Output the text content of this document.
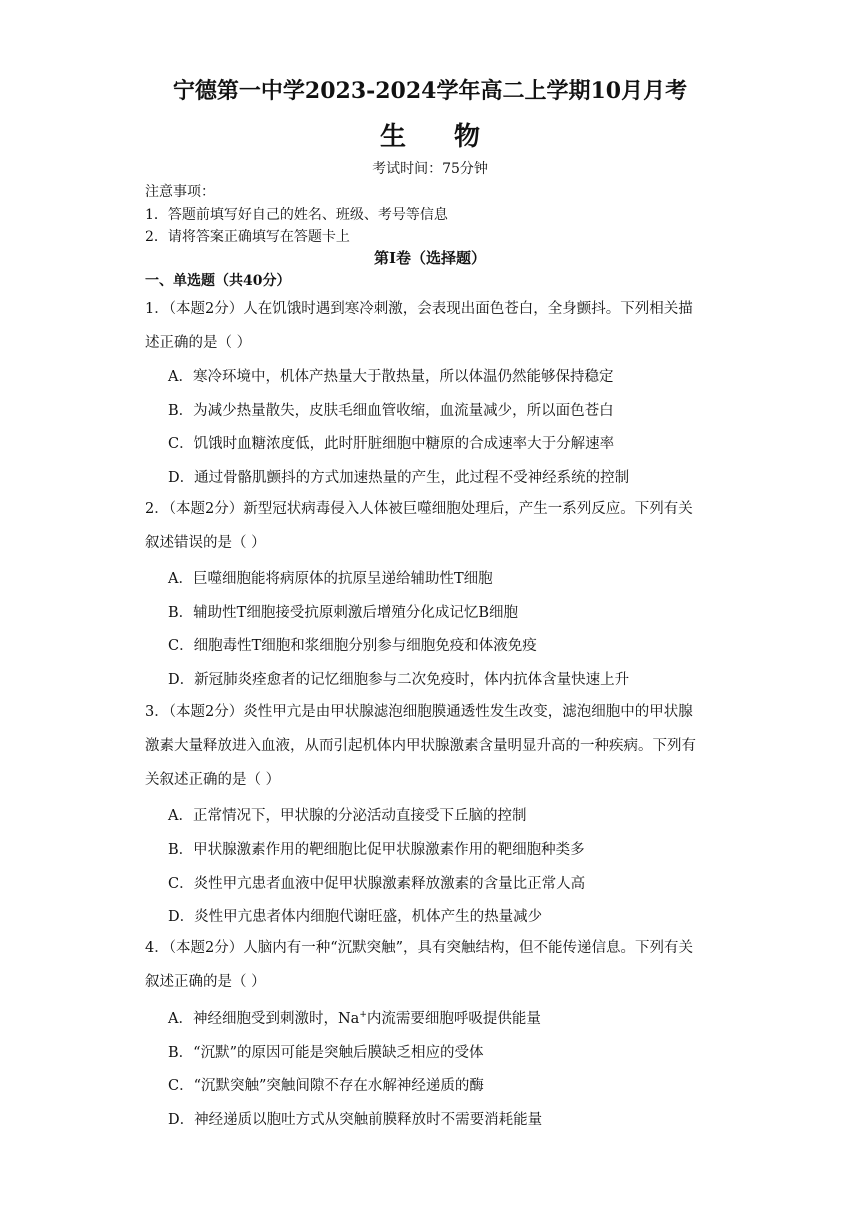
宁德第一中学2023-2024学年高二上学期10月月考
生物
考试时间：75分钟
注意事项：
1．答题前填写好自己的姓名、班级、考号等信息
2．请将答案正确填写在答题卡上
第I卷（选择题）
一、单选题（共40分）
1．（本题2分）人在饥饿时遇到寒冷刺激，会表现出面色苍白，全身颤抖。下列相关描
述正确的是（ ）
A．寒冷环境中，机体产热量大于散热量，所以体温仍然能够保持稳定
B．为减少热量散失，皮肤毛细血管收缩，血流量减少，所以面色苍白
C．饥饿时血糖浓度低，此时肝脏细胞中糖原的合成速率大于分解速率
D．通过骨骼肌颤抖的方式加速热量的产生，此过程不受神经系统的控制
2．（本题2分）新型冠状病毒侵入人体被巨噬细胞处理后，产生一系列反应。下列有关
叙述错误的是（ ）
A．巨噬细胞能将病原体的抗原呈递给辅助性T细胞
B．辅助性T细胞接受抗原刺激后增殖分化成记忆B细胞
C．细胞毒性T细胞和浆细胞分别参与细胞免疫和体液免疫
D．新冠肺炎痊愈者的记忆细胞参与二次免疫时，体内抗体含量快速上升
3．（本题2分）炎性甲亢是由甲状腺滤泡细胞膜通透性发生改变，滤泡细胞中的甲状腺
激素大量释放进入血液，从而引起机体内甲状腺激素含量明显升高的一种疾病。下列有
关叙述正确的是（ ）
A．正常情况下，甲状腺的分泌活动直接受下丘脑的控制
B．甲状腺激素作用的靶细胞比促甲状腺激素作用的靶细胞种类多
C．炎性甲亢患者血液中促甲状腺激素释放激素的含量比正常人高
D．炎性甲亢患者体内细胞代谢旺盛，机体产生的热量减少
4．（本题2分）人脑内有一种“沉默突触”，具有突触结构，但不能传递信息。下列有关
叙述正确的是（ ）
A．神经细胞受到刺激时，Na+内流需要细胞呼吸提供能量
B．“沉默”的原因可能是突触后膜缺乏相应的受体
C．“沉默突触”突触间隙不存在水解神经递质的酶
D．神经递质以胞吐方式从突触前膜释放时不需要消耗能量
